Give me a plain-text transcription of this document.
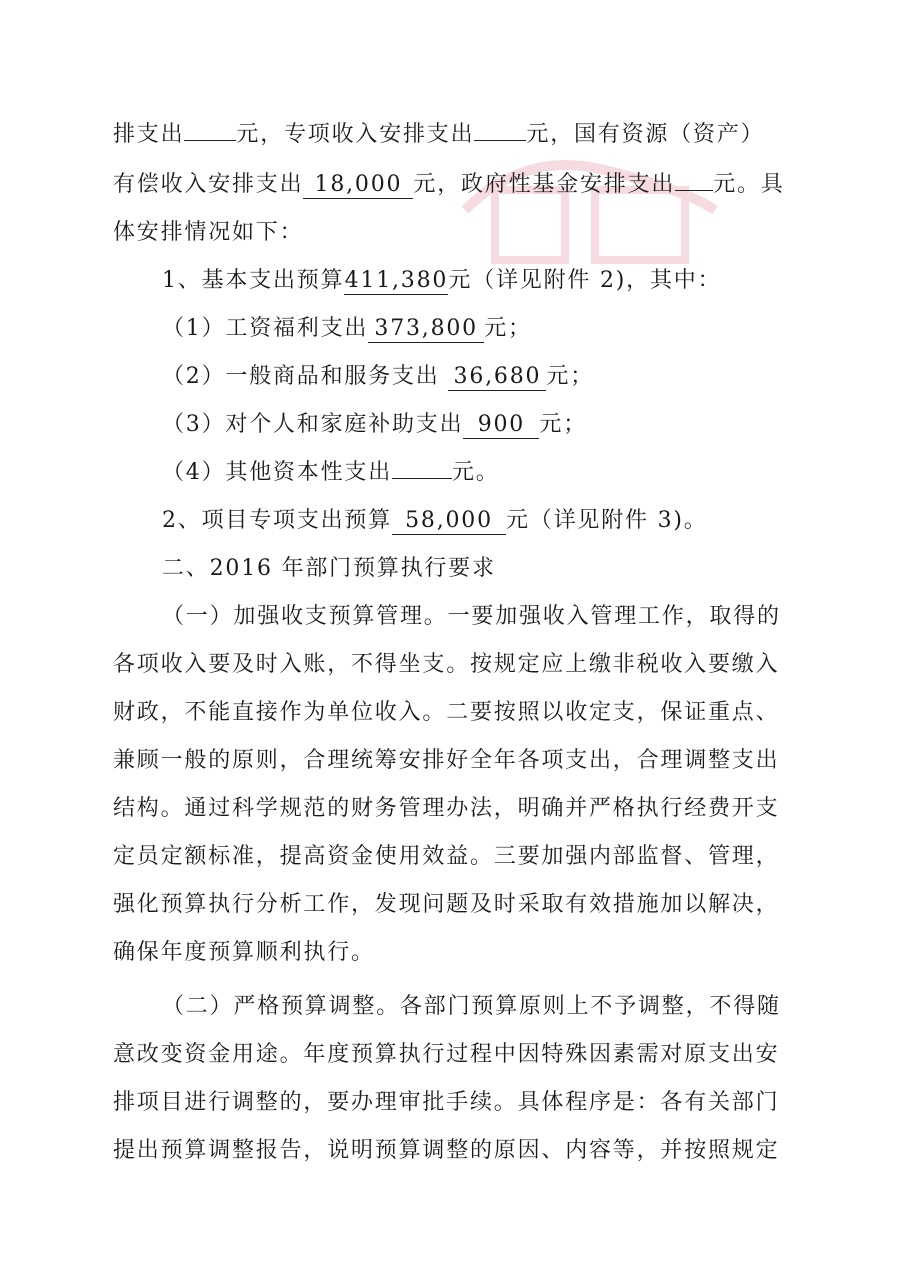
排支出 元，专项收入安排支出 元，国有资源（资产）
有偿收入安排支出 18,000 元，政府性基金安排支出 元。具
体安排情况如下：
1、基本支出预算411,380元（详见附件 2)，其中：
（1）工资福利支出 373,800 元；
（2）一般商品和服务支出 36,680 元；
（3）对个人和家庭补助支出 900 元；
（4）其他资本性支出	元。
2、项目专项支出预算 58,000 元（详见附件 3)。
二、2016 年部门预算执行要求
（一）加强收支预算管理。一要加强收入管理工作，取得的
各项收入要及时入账，不得坐支。按规定应上缴非税收入要缴入
财政，不能直接作为单位收入。二要按照以收定支，保证重点、
兼顾一般的原则，合理统筹安排好全年各项支出，合理调整支出
结构。通过科学规范的财务管理办法，明确并严格执行经费开支
定员定额标准，提高资金使用效益。三要加强内部监督、管理，
强化预算执行分析工作，发现问题及时采取有效措施加以解决，
确保年度预算顺利执行。
（二）严格预算调整。各部门预算原则上不予调整，不得随
意改变资金用途。年度预算执行过程中因特殊因素需对原支出安
排项目进行调整的，要办理审批手续。具体程序是：各有关部门
提出预算调整报告，说明预算调整的原因、内容等，并按照规定
